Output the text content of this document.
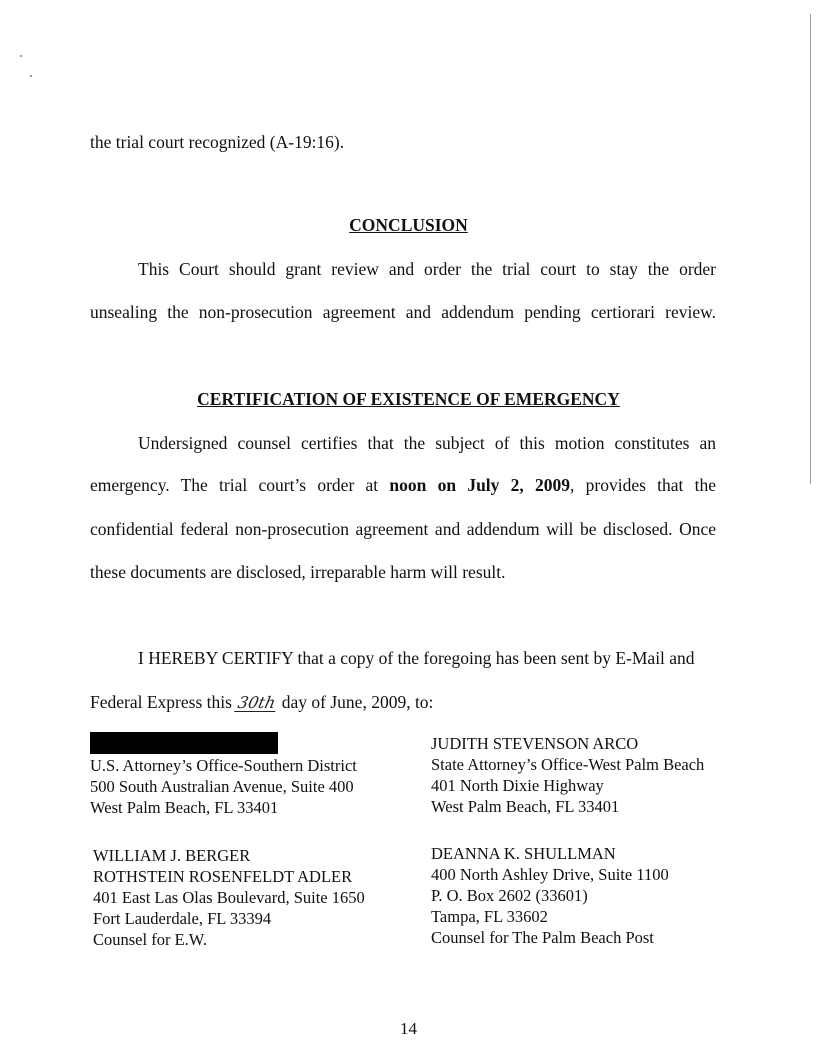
the trial court recognized (A-19:16).
CONCLUSION
This Court should grant review and order the trial court to stay the order
unsealing the non-prosecution agreement and addendum pending certiorari review.
CERTIFICATION OF EXISTENCE OF EMERGENCY
Undersigned counsel certifies that the subject of this motion constitutes an
emergency. The trial court’s order at noon on July 2, 2009, provides that the
confidential federal non-prosecution agreement and addendum will be disclosed. Once
these documents are disclosed, irreparable harm will result.
I HEREBY CERTIFY that a copy of the foregoing has been sent by E-Mail and
Federal Express this 30th day of June, 2009, to:
U.S. Attorney’s Office-Southern District
500 South Australian Avenue, Suite 400
West Palm Beach, FL 33401
JUDITH STEVENSON ARCO
State Attorney’s Office-West Palm Beach
401 North Dixie Highway
West Palm Beach, FL 33401
WILLIAM J. BERGER
ROTHSTEIN ROSENFELDT ADLER
401 East Las Olas Boulevard, Suite 1650
Fort Lauderdale, FL 33394
Counsel for E.W.
DEANNA K. SHULLMAN
400 North Ashley Drive, Suite 1100
P. O. Box 2602 (33601)
Tampa, FL 33602
Counsel for The Palm Beach Post
14
